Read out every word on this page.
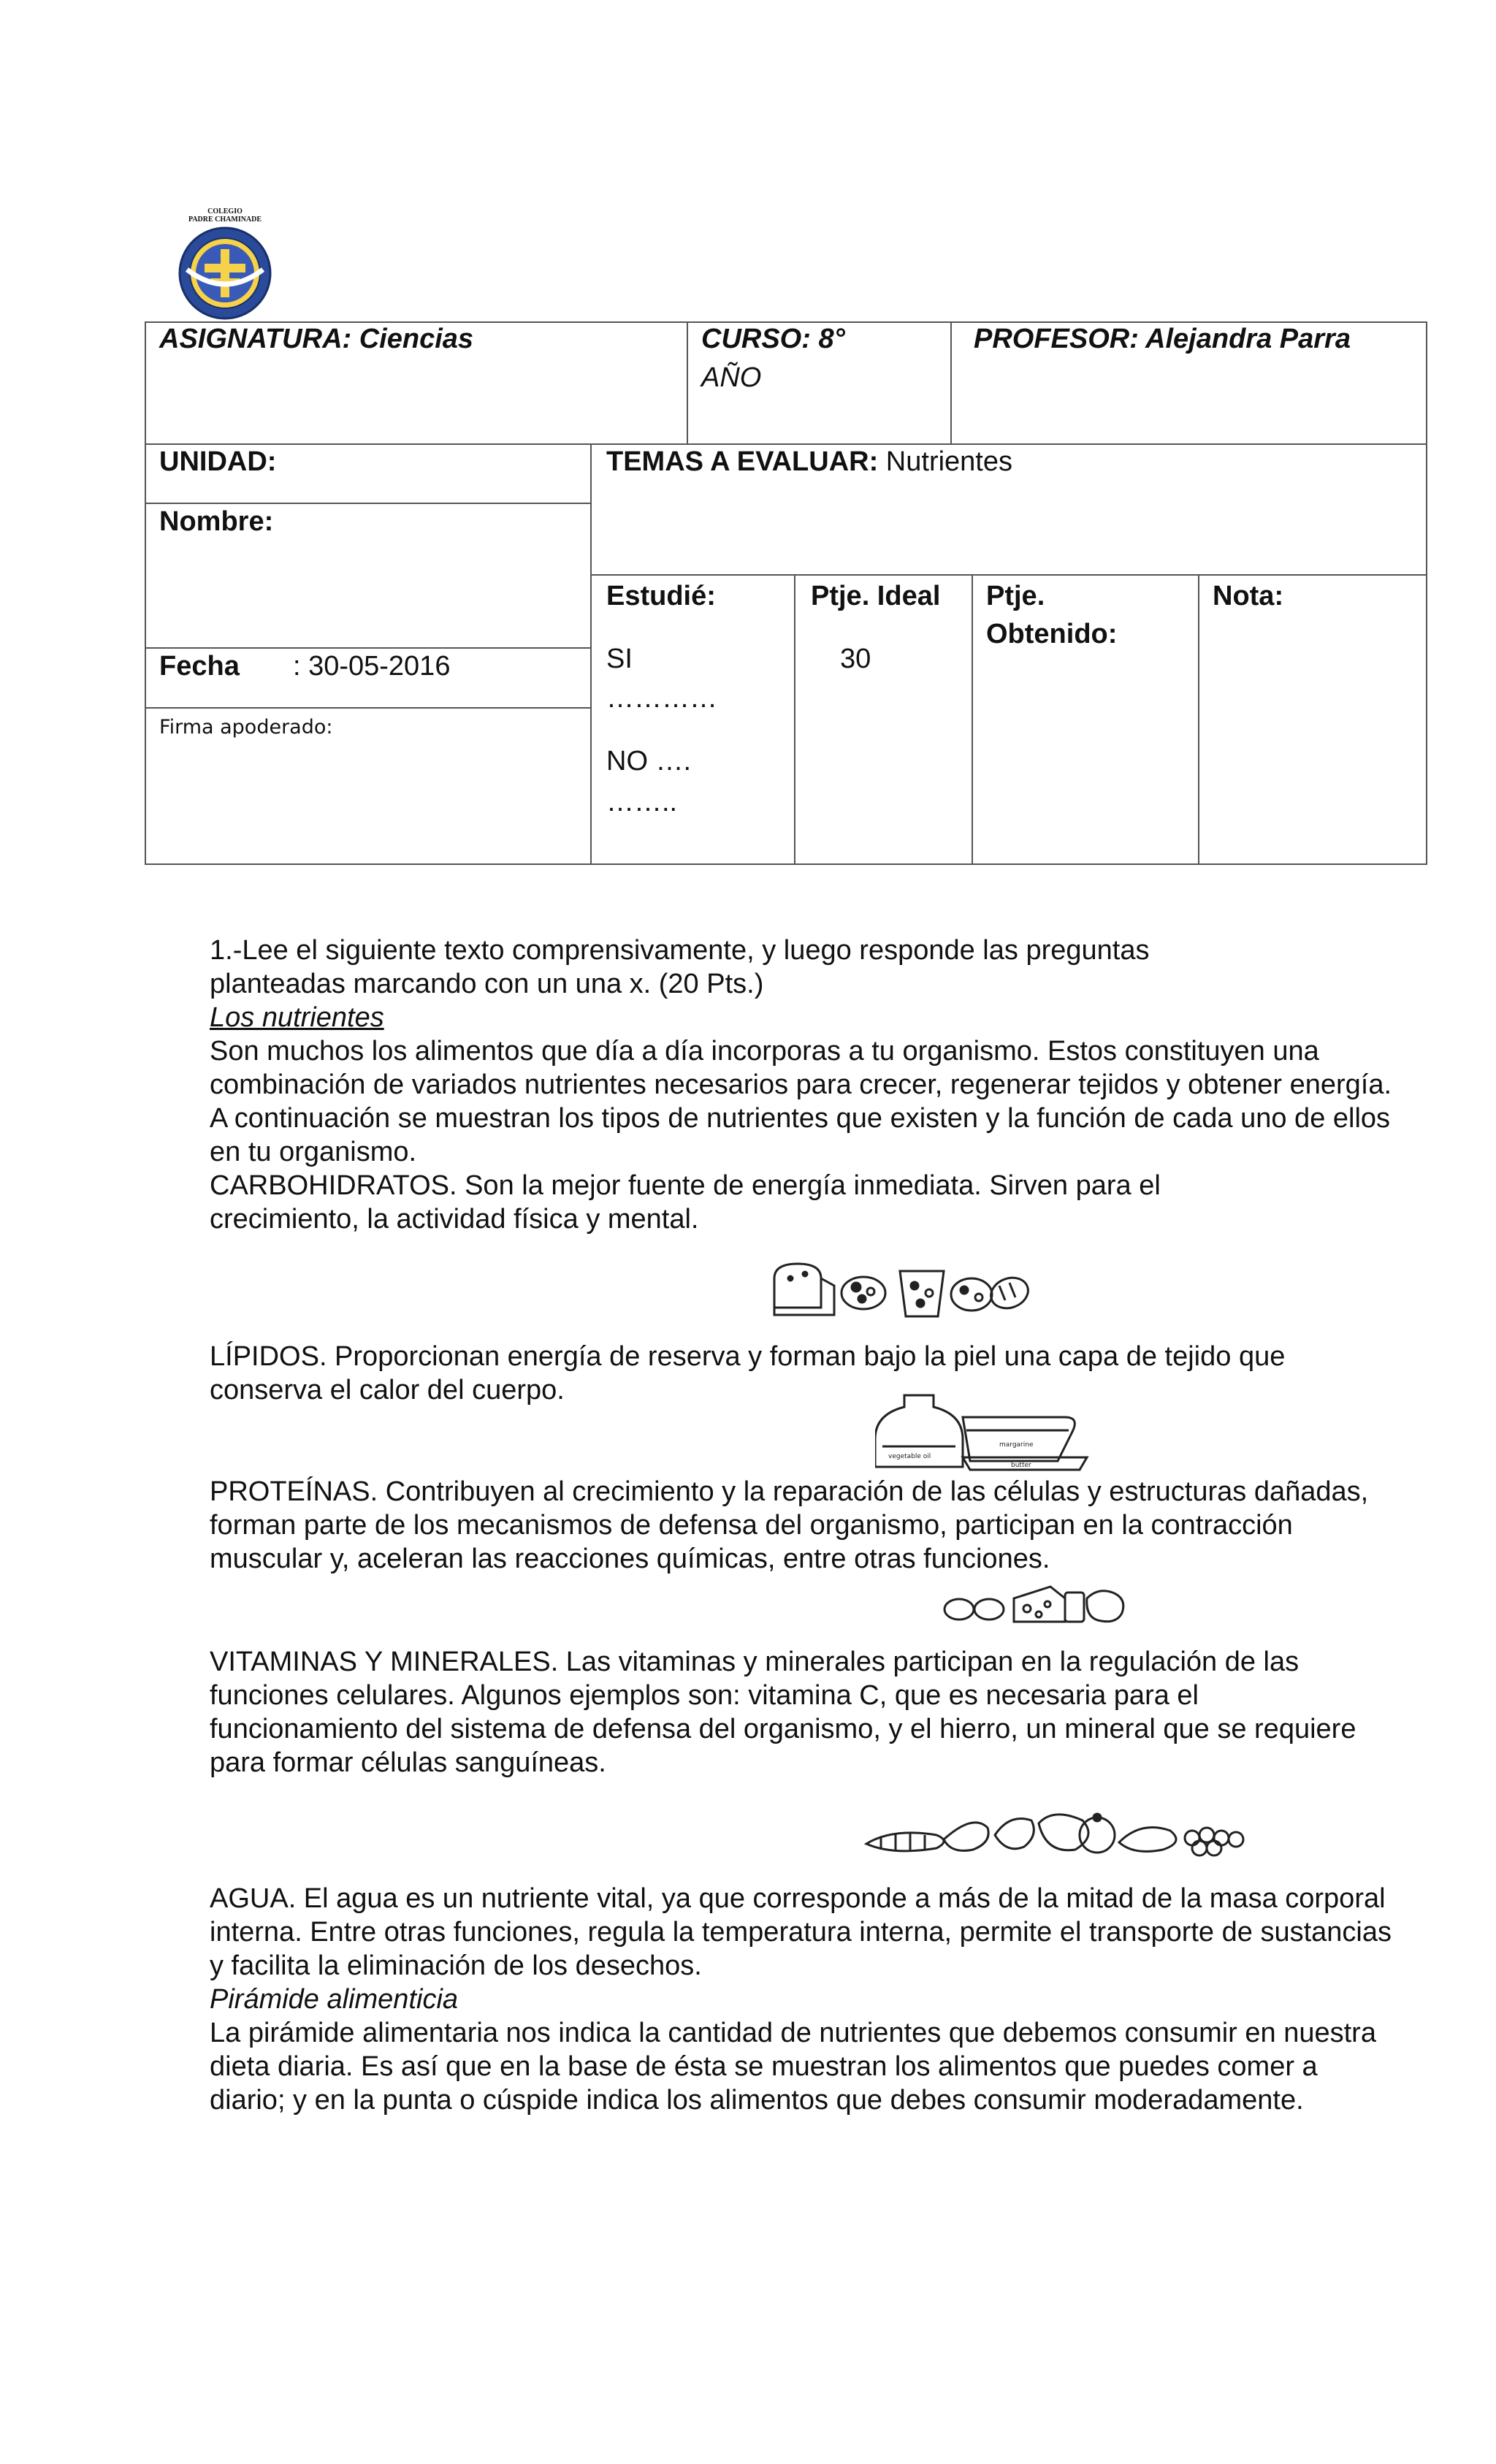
COLEGIO
PADRE CHAMINADE
ASIGNATURA: Ciencias	CURSO: 8°
AÑO
PROFESOR: Alejandra Parra
UNIDAD:
Nombre:
Fecha : 30-05-2016
Firma apoderado:
TEMAS A EVALUAR: Nutrientes
Estudié:
SI
…………
NO ….
……..
Ptje. Ideal
30
Ptje.
Obtenido:
Nota:

1.-Lee el siguiente texto comprensivamente, y luego responde las preguntas

planteadas marcando con un una x. (20 Pts.)

Los nutrientes

Son muchos los alimentos que día a día incorporas a tu organismo. Estos constituyen una combinación de variados nutrientes necesarios para crecer, regenerar tejidos y obtener energía.

A continuación se muestran los tipos de nutrientes que existen y la función de cada uno de ellos en tu organismo.

CARBOHIDRATOS. Son la mejor fuente de energía inmediata. Sirven para el crecimiento, la actividad física y mental.

LÍPIDOS. Proporcionan energía de reserva y forman bajo la piel una capa de tejido que conserva el calor del cuerpo.
PROTEÍNAS. Contribuyen al crecimiento y la reparación de las células y estructuras dañadas, forman parte de los mecanismos de defensa del organismo, participan en la contracción muscular y, aceleran las reacciones químicas, entre otras funciones.
VITAMINAS Y MINERALES. Las vitaminas y minerales participan en la regulación de las funciones celulares. Algunos ejemplos son: vitamina C, que es necesaria para el funcionamiento del sistema de defensa del organismo, y el hierro, un mineral que se requiere para formar células sanguíneas.

AGUA. El agua es un nutriente vital, ya que corresponde a más de la mitad de la masa corporal interna. Entre otras funciones, regula la temperatura interna, permite el transporte de sustancias y facilita la eliminación de los desechos.

Pirámide alimenticia

La pirámide alimentaria nos indica la cantidad de nutrientes que debemos consumir en nuestra dieta diaria. Es así que en la base de ésta se muestran los alimentos que puedes comer a diario; y en la punta o cúspide indica los alimentos que debes consumir moderadamente.

vegetable oil
margarine
butter
